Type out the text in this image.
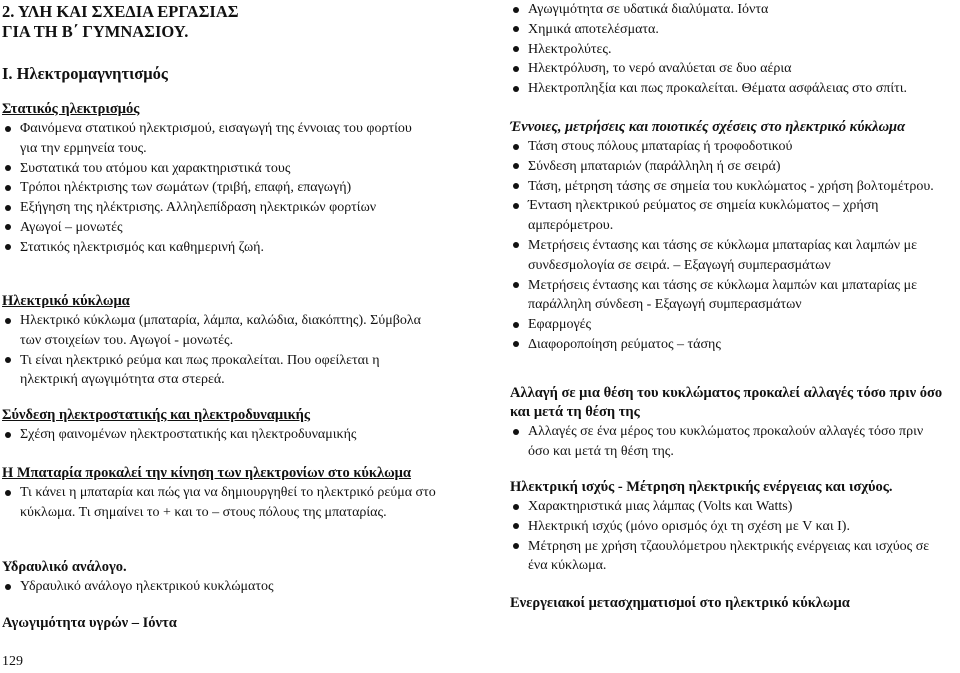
2. ΥΛΗ ΚΑΙ ΣΧΕΔΙΑ ΕΡΓΑΣΙΑΣ ΓΙΑ ΤΗ Β΄ ΓΥΜΝΑΣΙΟΥ.
Ι. Ηλεκτρομαγνητισμός
Στατικός ηλεκτρισμός
Φαινόμενα στατικού ηλεκτρισμού, εισαγωγή της έννοιας του φορτίου για την ερμηνεία τους.
Συστατικά του ατόμου και χαρακτηριστικά τους
Τρόποι ηλέκτρισης των σωμάτων (τριβή, επαφή, επαγωγή)
Εξήγηση της ηλέκτρισης. Αλληλεπίδραση ηλεκτρικών φορτίων
Αγωγοί – μονωτές
Στατικός ηλεκτρισμός και καθημερινή ζωή.
Ηλεκτρικό κύκλωμα
Ηλεκτρικό κύκλωμα (μπαταρία, λάμπα, καλώδια, διακόπτης). Σύμβολα των στοιχείων του. Αγωγοί - μονωτές.
Τι είναι ηλεκτρικό ρεύμα και πως προκαλείται. Που οφείλεται η ηλεκτρική αγωγιμότητα στα στερεά.
Σύνδεση ηλεκτροστατικής και ηλεκτροδυναμικής
Σχέση φαινομένων ηλεκτροστατικής και ηλεκτροδυναμικής
Η Μπαταρία προκαλεί την κίνηση των ηλεκτρονίων στο κύκλωμα
Τι κάνει η μπαταρία και πώς για να δημιουργηθεί το ηλεκτρικό ρεύμα στο κύκλωμα. Τι σημαίνει το + και το – στους πόλους της μπαταρίας.
Υδραυλικό ανάλογο.
Υδραυλικό ανάλογο ηλεκτρικού κυκλώματος
Αγωγιμότητα υγρών – Ιόντα
Αγωγιμότητα σε υδατικά διαλύματα. Ιόντα
Χημικά αποτελέσματα.
Ηλεκτρολύτες.
Ηλεκτρόλυση, το νερό αναλύεται σε δυο αέρια
Ηλεκτροπληξία και πως προκαλείται. Θέματα ασφάλειας στο σπίτι.
Έννοιες, μετρήσεις και ποιοτικές σχέσεις στο ηλεκτρικό κύκλωμα
Τάση στους πόλους μπαταρίας ή τροφοδοτικού
Σύνδεση μπαταριών (παράλληλη ή σε σειρά)
Τάση, μέτρηση τάσης σε σημεία του κυκλώματος - χρήση βολτομέτρου.
Ένταση ηλεκτρικού ρεύματος σε σημεία κυκλώματος – χρήση αμπερόμετρου.
Μετρήσεις έντασης και τάσης σε κύκλωμα μπαταρίας και λαμπών με συνδεσμολογία σε σειρά. – Εξαγωγή συμπερασμάτων
Μετρήσεις έντασης και τάσης σε κύκλωμα λαμπών και μπαταρίας με παράλληλη σύνδεση - Εξαγωγή συμπερασμάτων
Εφαρμογές
Διαφοροποίηση ρεύματος – τάσης
Αλλαγή σε μια θέση του κυκλώματος προκαλεί αλλαγές τόσο πριν όσο και μετά τη θέση της
Αλλαγές σε ένα μέρος του κυκλώματος προκαλούν αλλαγές τόσο πριν όσο και μετά τη θέση της.
Ηλεκτρική ισχύς - Μέτρηση ηλεκτρικής ενέργειας και ισχύος.
Χαρακτηριστικά μιας λάμπας (Volts και Watts)
Ηλεκτρική ισχύς (μόνο ορισμός όχι τη σχέση με V και I).
Μέτρηση με χρήση τζαουλόμετρου ηλεκτρικής ενέργειας και ισχύος σε ένα κύκλωμα.
Ενεργειακοί μετασχηματισμοί στο ηλεκτρικό κύκλωμα
129
